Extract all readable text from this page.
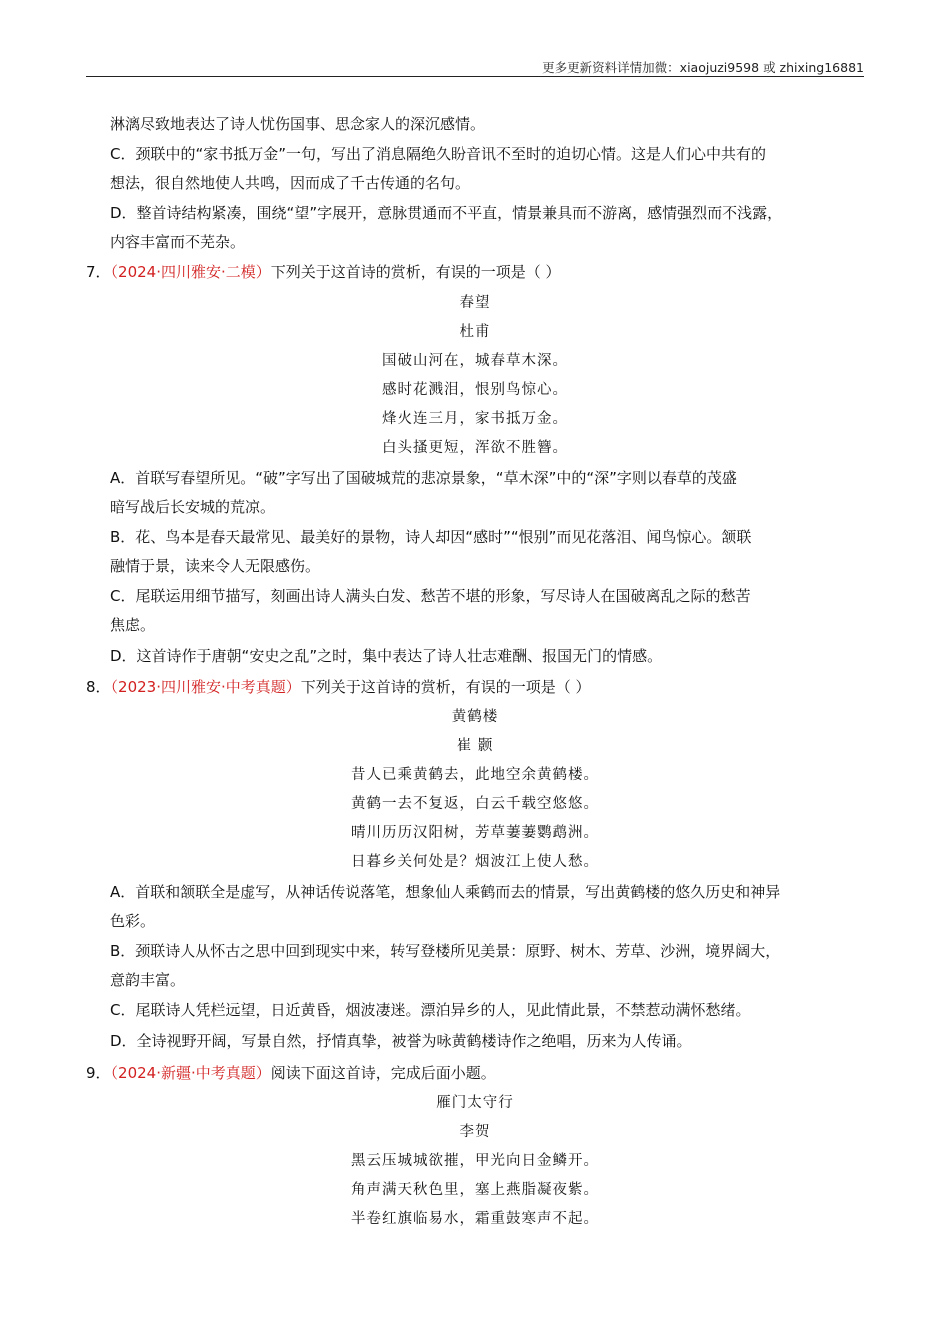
更多更新资料详情加微：xiaojuzi9598 或 zhixing16881
淋漓尽致地表达了诗人忧伤国事、思念家人的深沉感情。
C．颈联中的“家书抵万金”一句，写出了消息隔绝久盼音讯不至时的迫切心情。这是人们心中共有的
想法，很自然地使人共鸣，因而成了千古传通的名句。
D．整首诗结构紧凑，围绕“望”字展开，意脉贯通而不平直，情景兼具而不游离，感情强烈而不浅露，
内容丰富而不芜杂。
7．（2024·四川雅安·二模）下列关于这首诗的赏析，有误的一项是（ ）
春望
杜甫
国破山河在，城春草木深。
感时花溅泪，恨别鸟惊心。
烽火连三月，家书抵万金。
白头搔更短，浑欲不胜簪。
A．首联写春望所见。“破”字写出了国破城荒的悲凉景象，“草木深”中的“深”字则以春草的茂盛
暗写战后长安城的荒凉。
B．花、鸟本是春天最常见、最美好的景物，诗人却因“感时”“恨别”而见花落泪、闻鸟惊心。颔联
融情于景，读来令人无限感伤。
C．尾联运用细节描写，刻画出诗人满头白发、愁苦不堪的形象，写尽诗人在国破离乱之际的愁苦
焦虑。
D．这首诗作于唐朝“安史之乱”之时，集中表达了诗人壮志难酬、报国无门的情感。
8．（2023·四川雅安·中考真题）下列关于这首诗的赏析，有误的一项是（ ）
黄鹤楼
崔 颢
昔人已乘黄鹤去，此地空余黄鹤楼。
黄鹤一去不复返，白云千载空悠悠。
晴川历历汉阳树，芳草萋萋鹦鹉洲。
日暮乡关何处是？烟波江上使人愁。
A．首联和颔联全是虚写，从神话传说落笔，想象仙人乘鹤而去的情景，写出黄鹤楼的悠久历史和神异
色彩。
B．颈联诗人从怀古之思中回到现实中来，转写登楼所见美景：原野、树木、芳草、沙洲，境界阔大，
意韵丰富。
C．尾联诗人凭栏远望，日近黄昏，烟波凄迷。漂泊异乡的人，见此情此景，不禁惹动满怀愁绪。
D．全诗视野开阔，写景自然，抒情真挚，被誉为咏黄鹤楼诗作之绝唱，历来为人传诵。
9．（2024·新疆·中考真题）阅读下面这首诗，完成后面小题。
雁门太守行
李贺
黑云压城城欲摧，甲光向日金鳞开。
角声满天秋色里，塞上燕脂凝夜紫。
半卷红旗临易水，霜重鼓寒声不起。
